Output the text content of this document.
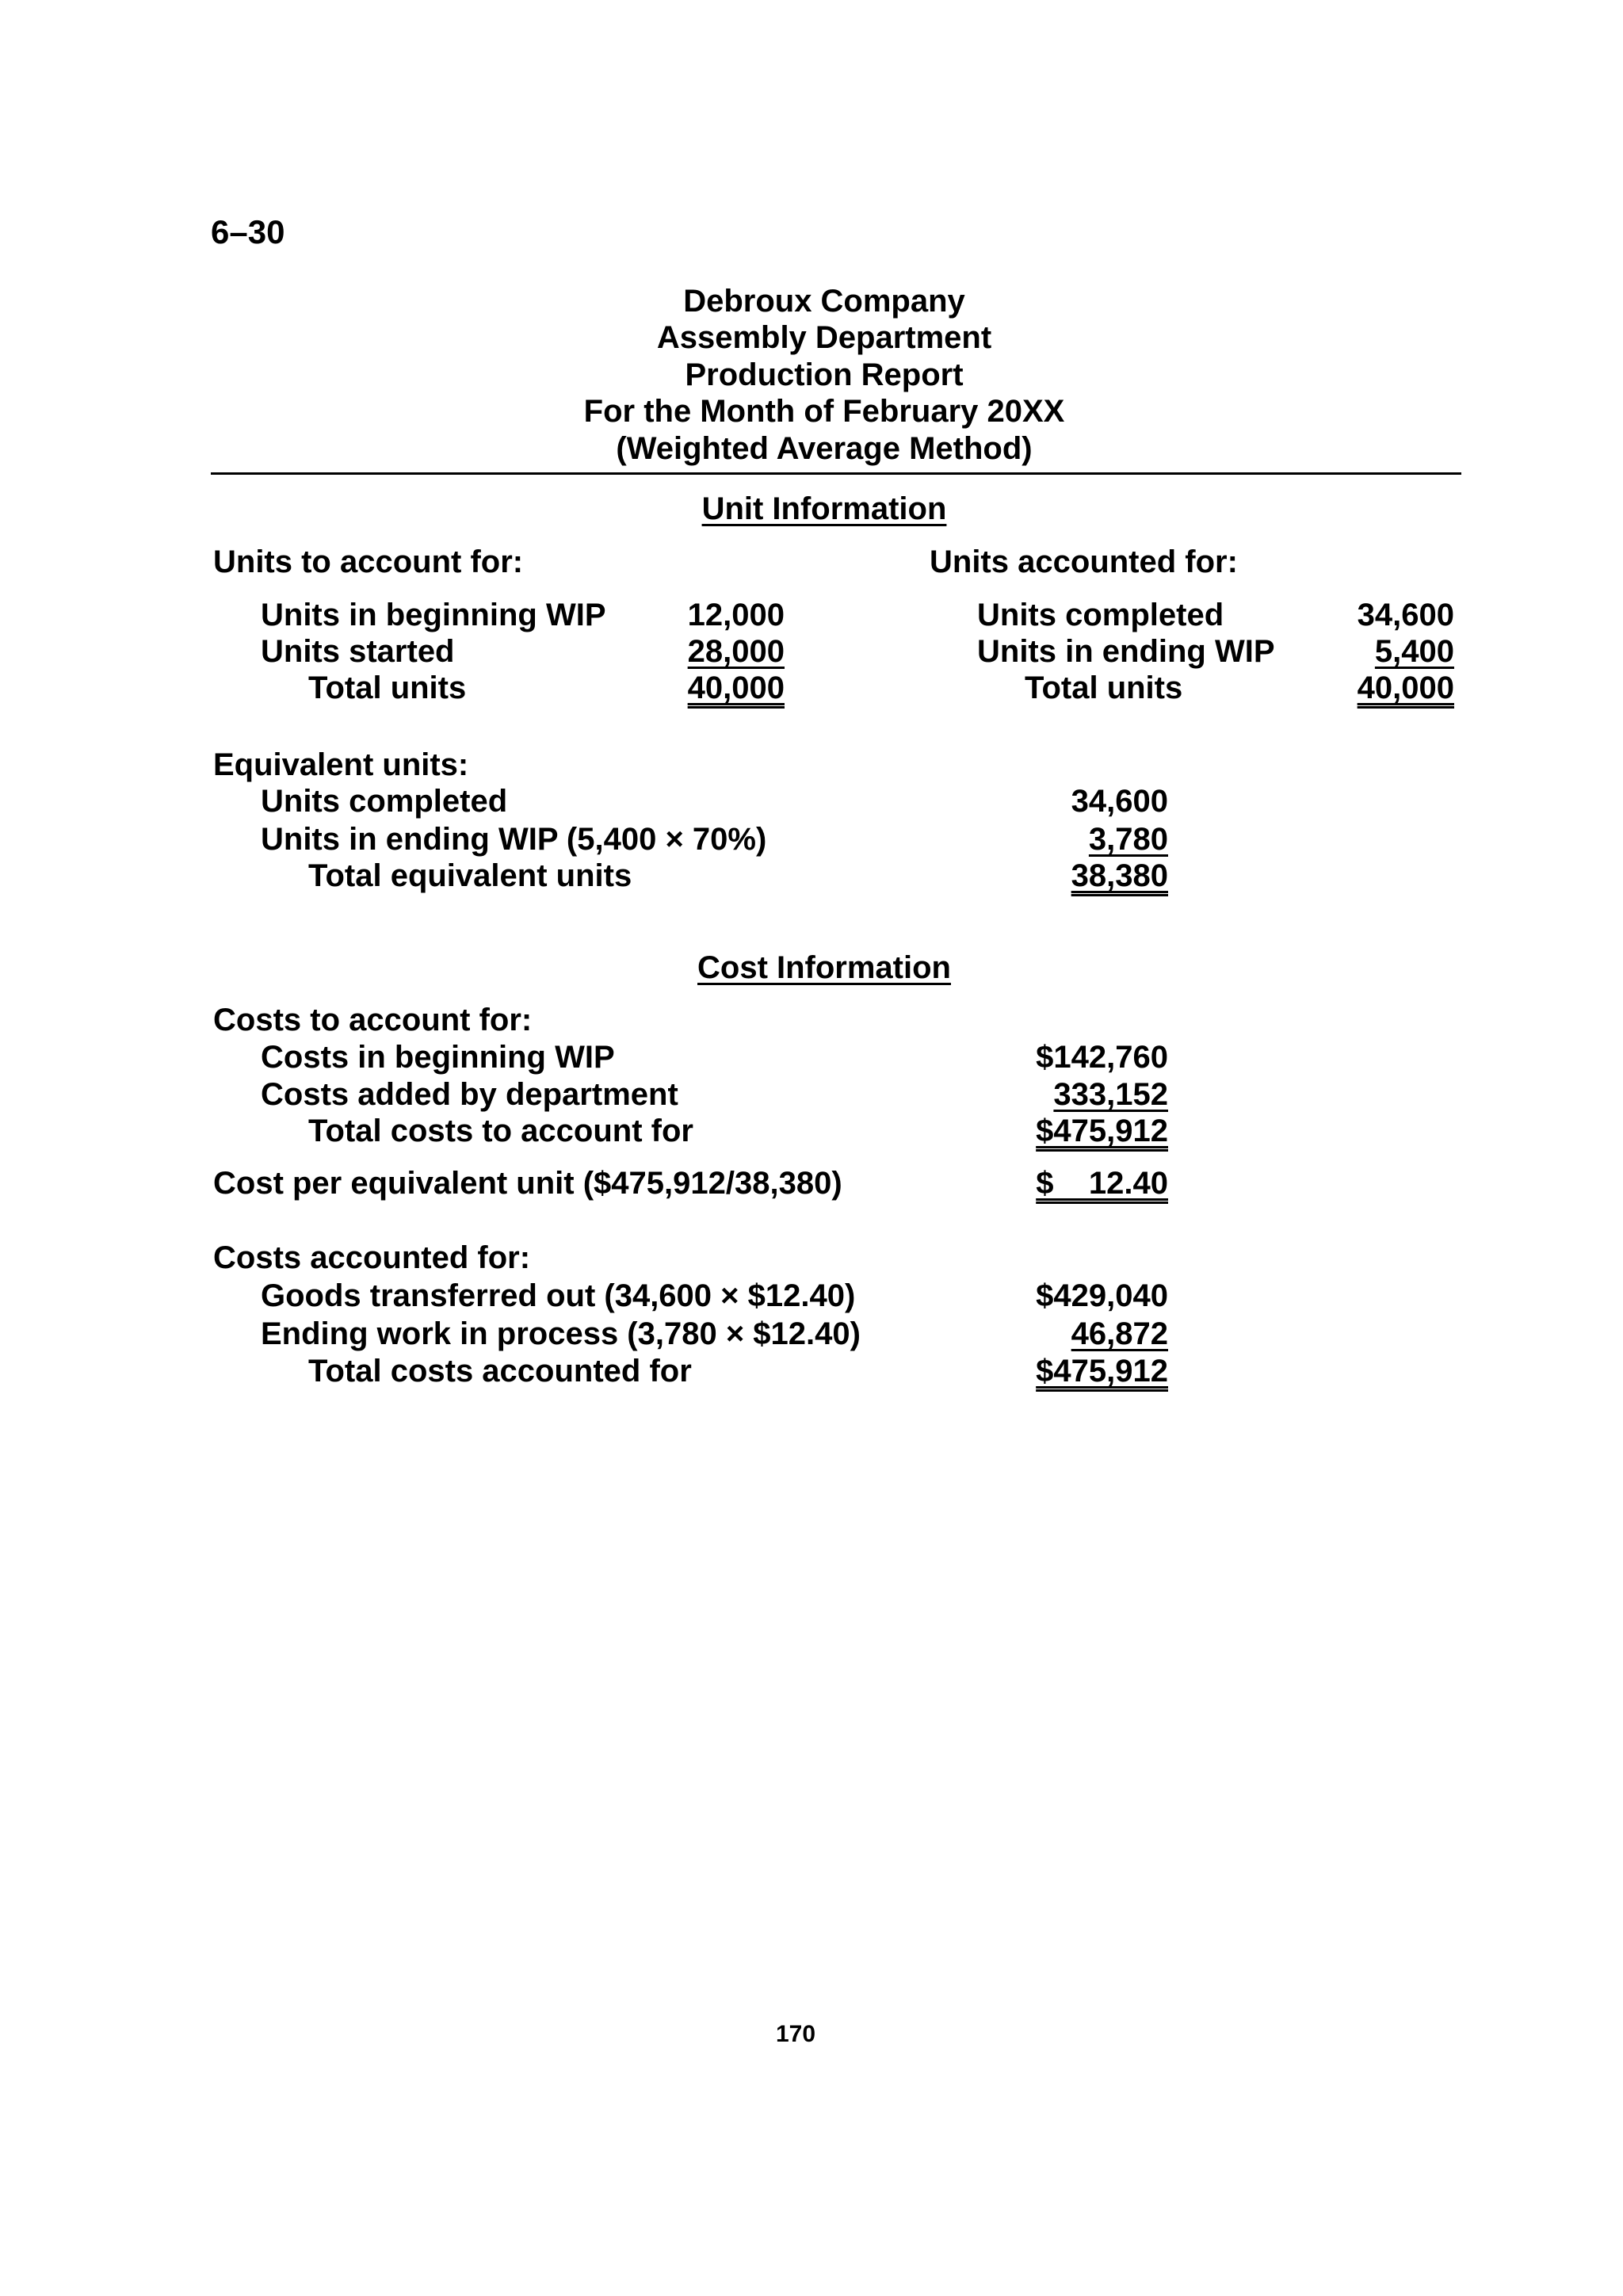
6–30
Debroux Company
Assembly Department
Production Report
For the Month of February 20XX
(Weighted Average Method)
Unit Information
Units to account for:	Units accounted for:
Units in beginning WIP	12,000
Units started	28,000
Total units	40,000
Units completed	34,600
Units in ending WIP	5,400
Total units	40,000
Equivalent units:
Units completed	34,600
Units in ending WIP (5,400 × 70%)	3,780
Total equivalent units	38,380
Cost Information
Costs to account for:
Costs in beginning WIP	$142,760
Costs added by department	333,152
Total costs to account for	$475,912
Cost per equivalent unit ($475,912/38,380)	$    12.40
Costs accounted for:
Goods transferred out (34,600 × $12.40)	$429,040
Ending work in process (3,780 × $12.40)	46,872
Total costs accounted for	$475,912
170
